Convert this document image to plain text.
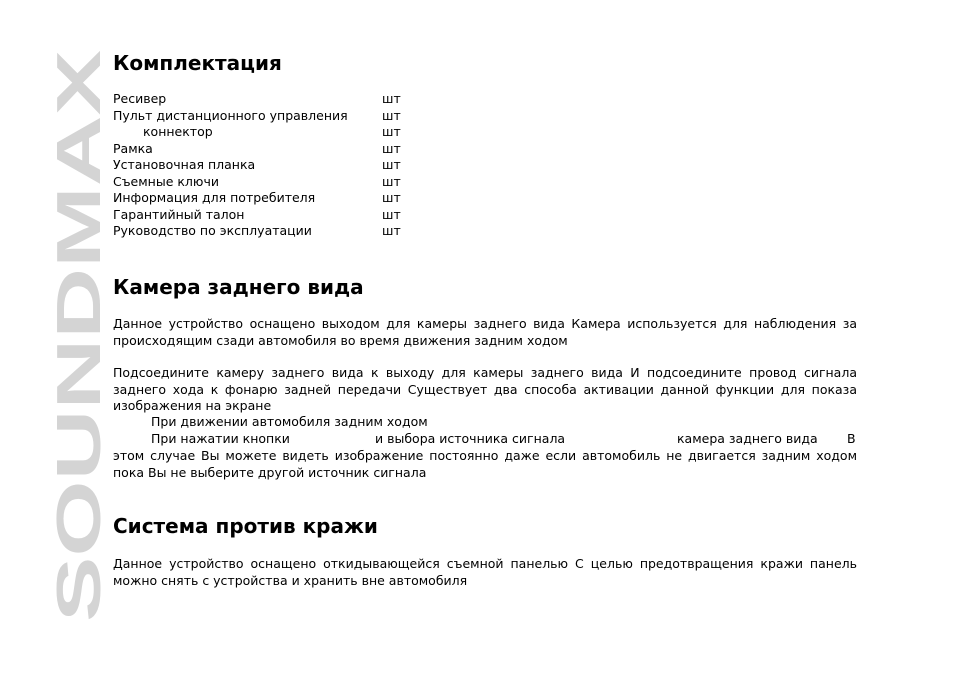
SOUNDMAX
Комплектация
Ресивер	шт
Пульт дистанционного управления	шт
коннектор	шт
Рамка	шт
Установочная планка	шт
Съемные ключи	шт
Информация для потребителя	шт
Гарантийный талон	шт
Руководство по эксплуатации	шт
Камера заднего вида

Данное устройство оснащено выходом для камеры заднего вида Камера используется для наблюдения за происходящим сзади автомобиля во время движения задним ходом

Подсоедините камеру заднего вида к выходу для камеры заднего вида И подсоедините провод сигнала заднего хода к фонарю задней передачи Существует два способа активации данной функции для показа изображения на экране

При движении автомобиля задним ходом
При нажатии кнопки	и выбора источника сигнала	камера заднего вида В

этом случае Вы можете видеть изображение постоянно даже если автомобиль не двигается задним ходом пока Вы не выберите другой источник сигнала

Система против кражи

Данное устройство оснащено откидывающейся съемной панелью С целью предотвращения кражи панель можно снять с устройства и хранить вне автомобиля
